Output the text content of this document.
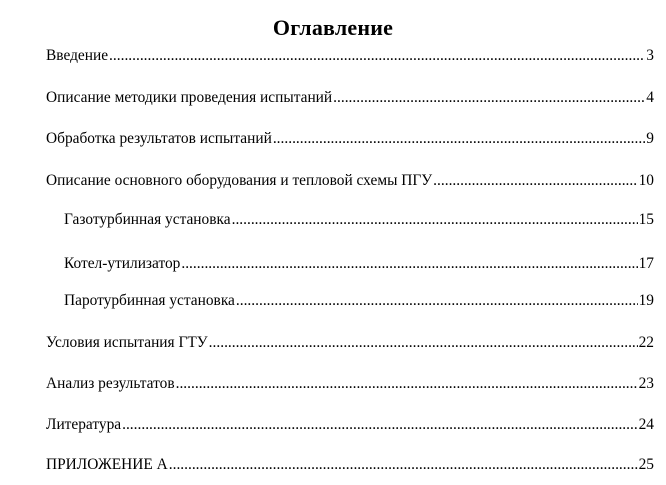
Оглавление
Введение .....	3
Описание методики проведения испытаний .....	4
Обработка результатов испытаний .....	9
Описание основного оборудования и тепловой схемы ПГУ .....	10
Газотурбинная установка .....	15
Котел-утилизатор .....	17
Паротурбинная установка .....	19
Условия испытания ГТУ .....	22
Анализ результатов .....	23
Литература .....	24
ПРИЛОЖЕНИЕ А .....	25
